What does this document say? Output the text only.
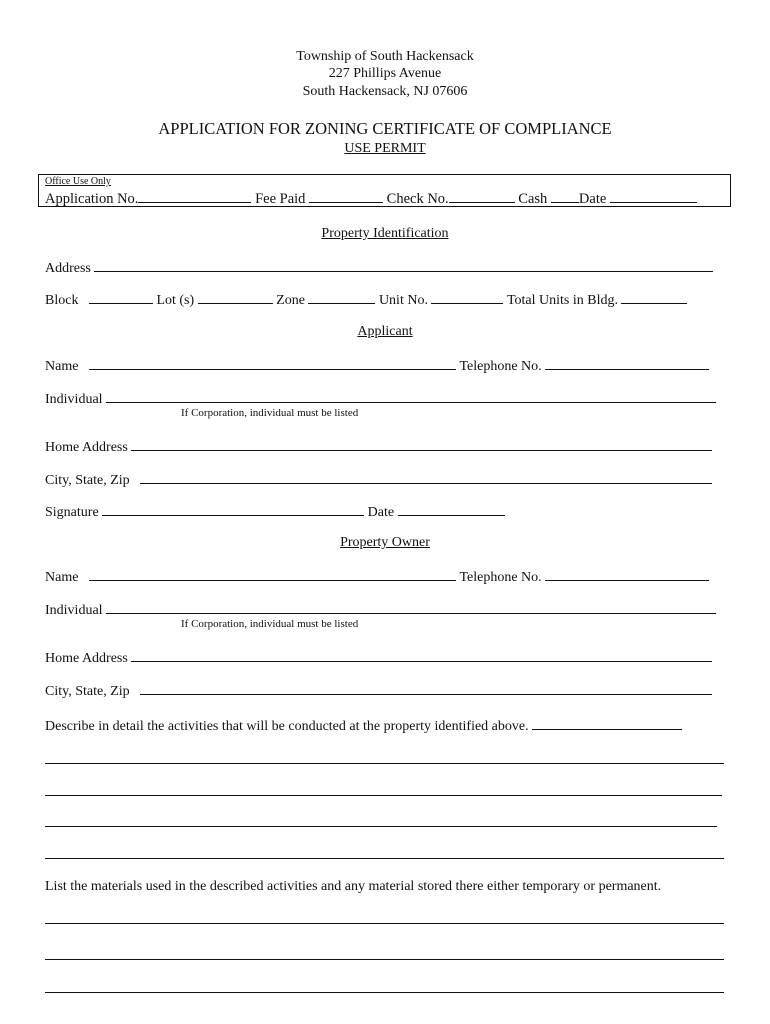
Township of South Hackensack
227 Phillips Avenue
South Hackensack, NJ 07606
APPLICATION FOR ZONING CERTIFICATE OF COMPLIANCE
USE PERMIT
Office Use Only
Application No.	Fee Paid	Check No.	Cash Date
Property Identification
Address
Block	Lot (s)	Zone	Unit No.	Total Units in Bldg.
Applicant
Name	Telephone No.
Individual
If Corporation, individual must be listed
Home Address
City, State, Zip
Signature	Date
Property Owner
Name	Telephone No.
Individual
If Corporation, individual must be listed
Home Address
City, State, Zip
Describe in detail the activities that will be conducted at the property identified above.
List the materials used in the described activities and any material stored there either temporary or permanent.
